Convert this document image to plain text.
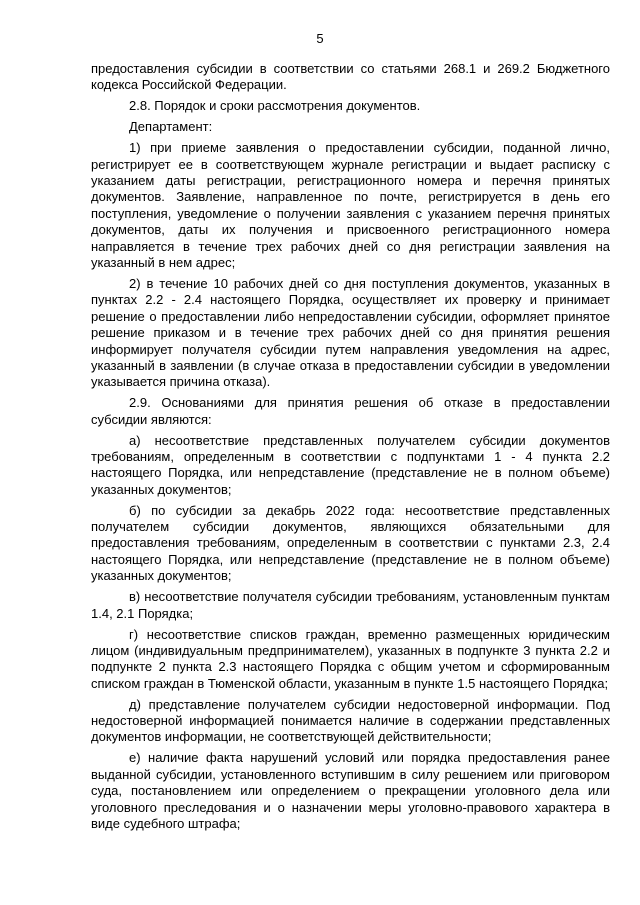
5

предоставления субсидии в соответствии со статьями 268.1 и 269.2 Бюджетного кодекса Российской Федерации.

2.8. Порядок и сроки рассмотрения документов.

Департамент:

1) при приеме заявления о предоставлении субсидии, поданной лично, регистрирует ее в соответствующем журнале регистрации и выдает расписку с указанием даты регистрации, регистрационного номера и перечня принятых документов. Заявление, направленное по почте, регистрируется в день его поступления, уведомление о получении заявления с указанием перечня принятых документов, даты их получения и присвоенного регистрационного номера направляется в течение трех рабочих дней со дня регистрации заявления на указанный в нем адрес;

2) в течение 10 рабочих дней со дня поступления документов, указанных в пунктах 2.2 - 2.4 настоящего Порядка, осуществляет их проверку и принимает решение о предоставлении либо непредоставлении субсидии, оформляет принятое решение приказом и в течение трех рабочих дней со дня принятия решения информирует получателя субсидии путем направления уведомления на адрес, указанный в заявлении (в случае отказа в предоставлении субсидии в уведомлении указывается причина отказа).

2.9. Основаниями для принятия решения об отказе в предоставлении субсидии являются:

а) несоответствие представленных получателем субсидии документов требованиям, определенным в соответствии с подпунктами 1 - 4 пункта 2.2 настоящего Порядка, или непредставление (представление не в полном объеме) указанных документов;

б) по субсидии за декабрь 2022 года: несоответствие представленных получателем субсидии документов, являющихся обязательными для предоставления требованиям, определенным в соответствии с пунктами 2.3, 2.4 настоящего Порядка, или непредставление (представление не в полном объеме) указанных документов;

в) несоответствие получателя субсидии требованиям, установленным пунктам 1.4, 2.1 Порядка;

г) несоответствие списков граждан, временно размещенных юридическим лицом (индивидуальным предпринимателем), указанных в подпункте 3 пункта 2.2 и подпункте 2 пункта 2.3 настоящего Порядка с общим учетом и сформированным списком граждан в Тюменской области, указанным в пункте 1.5 настоящего Порядка;

д) представление получателем субсидии недостоверной информации. Под недостоверной информацией понимается наличие в содержании представленных документов информации, не соответствующей действительности;

е) наличие факта нарушений условий или порядка предоставления ранее выданной субсидии, установленного вступившим в силу решением или приговором суда, постановлением или определением о прекращении уголовного дела или уголовного преследования и о назначении меры уголовно-правового характера в виде судебного штрафа;
